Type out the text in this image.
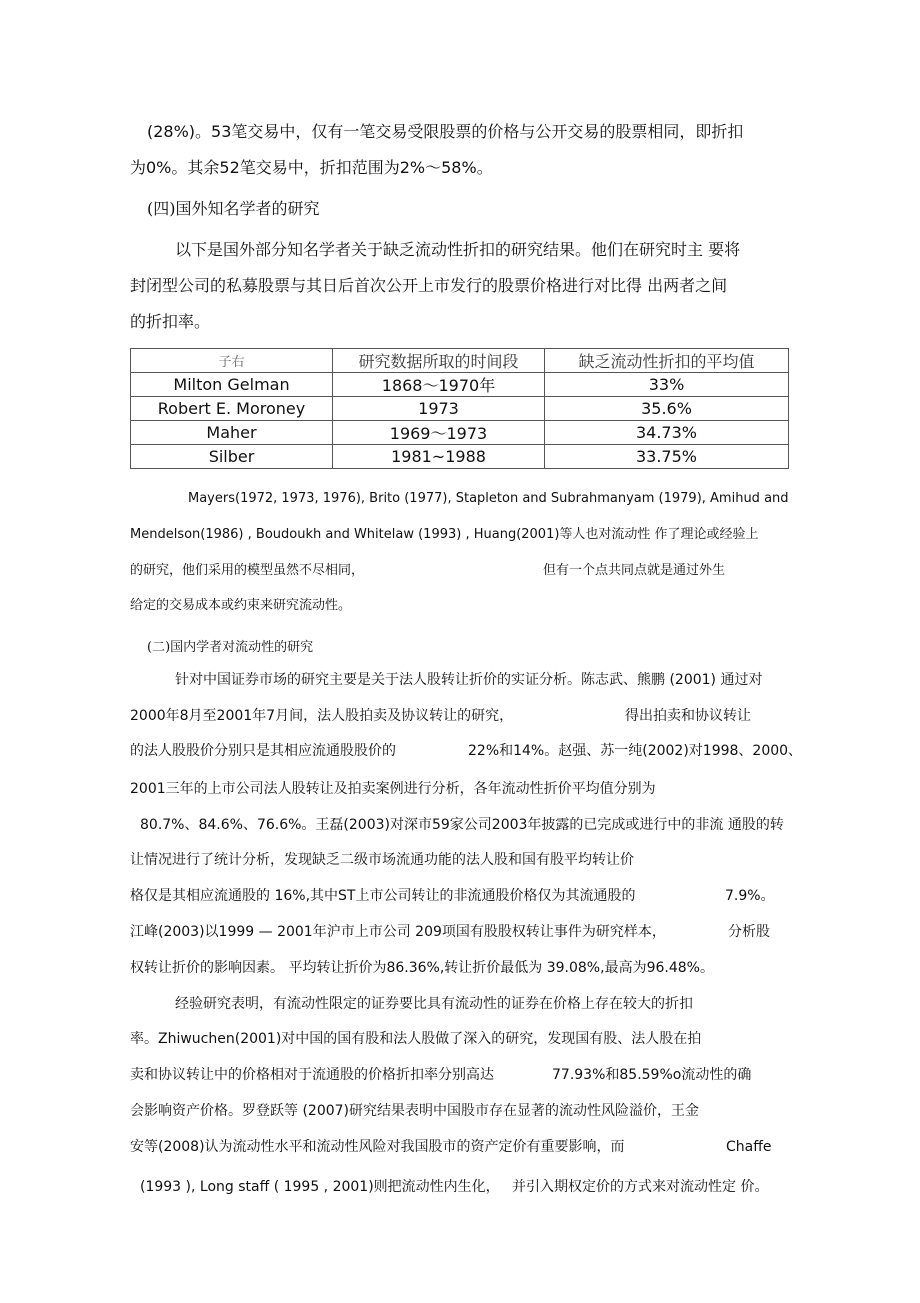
(28%)。53笔交易中，仅有一笔交易受限股票的价格与公开交易的股票相同，即折扣
为0%。其余52笔交易中，折扣范围为2%～58%。
(四)国外知名学者的研究
以下是国外部分知名学者关于缺乏流动性折扣的研究结果。他们在研究时主 要将
封闭型公司的私募股票与其日后首次公开上市发行的股票价格进行对比得 出两者之间
的折扣率。
子右	研究数据所取的时间段	缺乏流动性折扣的平均值
Milton Gelman	1868～1970年	33%
Robert E. Moroney	1973	35.6%
Maher	1969～1973	34.73%
Silber	1981~1988	33.75%
Mayers(1972, 1973, 1976), Brito (1977), Stapleton and Subrahmanyam (1979), Amihud and
Mendelson(1986) , Boudoukh and Whitelaw (1993) , Huang(2001)等人也对流动性 作了理论或经验上
的研究，他们采用的模型虽然不尽相同，	但有一个点共同点就是通过外生
给定的交易成本或约束来研究流动性。
(二)国内学者对流动性的研究
针对中国证券市场的研究主要是关于法人股转让折价的实证分析。陈志武、熊鹏 (2001) 通过对
2000年8月至2001年7月间，法人股拍卖及协议转让的研究，	得出拍卖和协议转让
的法人股股价分别只是其相应流通股股价的	22%和14%。赵强、苏一纯(2002)对1998、2000、
2001三年的上市公司法人股转让及拍卖案例进行分析，各年流动性折价平均值分别为
80.7%、84.6%、76.6%。王磊(2003)对深市59家公司2003年披露的已完成或进行中的非流 通股的转
让情况进行了统计分析，发现缺乏二级市场流通功能的法人股和国有股平均转让价
格仅是其相应流通股的 16%,其中ST上市公司转让的非流通股价格仅为其流通股的	7.9%。
江峰(2003)以1999 — 2001年沪市上市公司 209项国有股股权转让事件为研究样本，	分析股
权转让折价的影响因素。 平均转让折价为86.36%,转让折价最低为 39.08%,最高为96.48%。
经验研究表明，有流动性限定的证券要比具有流动性的证券在价格上存在较大的折扣
率。Zhiwuchen(2001)对中国的国有股和法人股做了深入的研究，发现国有股、法人股在拍
卖和协议转让中的价格相对于流通股的价格折扣率分别高达	77.93%和85.59%o流动性的确
会影响资产价格。罗登跃等 (2007)研究结果表明中国股市存在显著的流动性风险溢价，王金
安等(2008)认为流动性水平和流动性风险对我国股市的资产定价有重要影响，而	Chaffe
(1993 ), Long staff ( 1995 , 2001)则把流动性内生化， 并引入期权定价的方式来对流动性定 价。
